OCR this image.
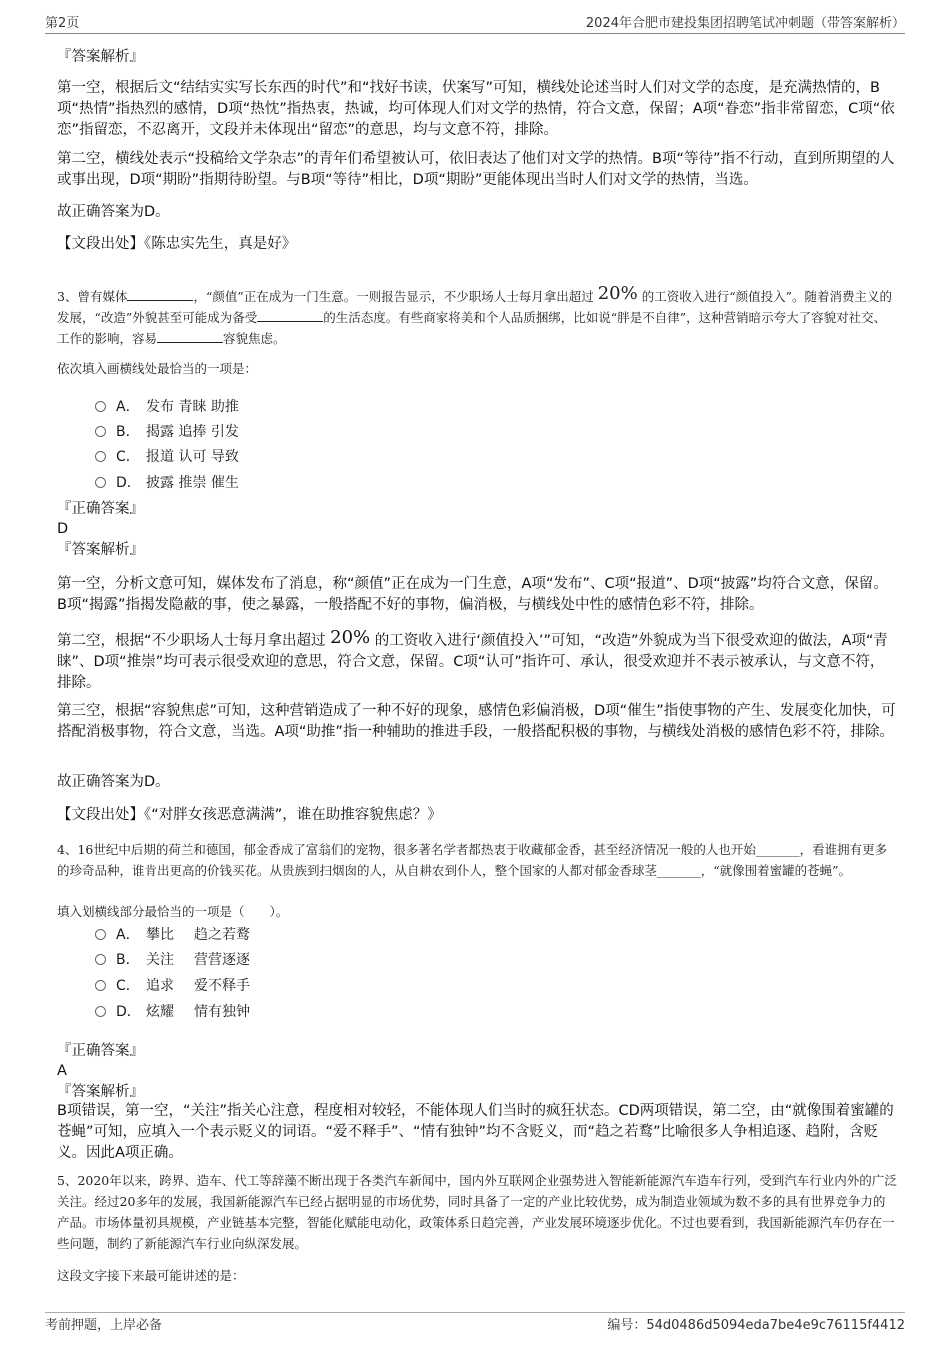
第2页	2024年合肥市建投集团招聘笔试冲刺题（带答案解析）
『答案解析』
第一空，根据后文“结结实实写长东西的时代”和“找好书读，伏案写”可知，横线处论述当时人们对文学的态度，是充满热情的，B项“热情”指热烈的感情，D项“热忱”指热衷，热诚，均可体现人们对文学的热情，符合文意，保留；A项“眷恋”指非常留恋，C项“依恋”指留恋，不忍离开，文段并未体现出“留恋”的意思，均与文意不符，排除。
第二空，横线处表示“投稿给文学杂志”的青年们希望被认可，依旧表达了他们对文学的热情。B项“等待”指不行动，直到所期望的人或事出现，D项“期盼”指期待盼望。与B项“等待”相比，D项“期盼”更能体现出当时人们对文学的热情，当选。
故正确答案为D。
【文段出处】《陈忠实先生，真是好》
3、曾有媒体	，“颜值”正在成为一门生意。一则报告显示，不少职场人士每月拿出超过 20% 的工资收入进行“颜值投入”。随着消费主义的发展，“改造”外貌甚至可能成为备受	的生活态度。有些商家将美和个人品质捆绑，比如说“胖是不自律”，这种营销暗示夸大了容貌对社交、工作的影响，容易	容貌焦虑。
依次填入画横线处最恰当的一项是：
A． 发布 青睐 助推
B． 揭露 追捧 引发
C． 报道 认可 导致
D． 披露 推崇 催生
『正确答案』
D
『答案解析』
第一空，分析文意可知，媒体发布了消息，称“颜值”正在成为一门生意，A项“发布”、C项“报道”、D项“披露”均符合文意，保留。B项“揭露”指揭发隐蔽的事，使之暴露，一般搭配不好的事物，偏消极，与横线处中性的感情色彩不符，排除。
第二空，根据“不少职场人士每月拿出超过 20% 的工资收入进行‘颜值投入’”可知，“改造”外貌成为当下很受欢迎的做法，A项“青睐”、D项“推崇”均可表示很受欢迎的意思，符合文意，保留。C项“认可”指许可、承认，很受欢迎并不表示被承认，与文意不符，排除。
第三空，根据“容貌焦虑”可知，这种营销造成了一种不好的现象，感情色彩偏消极，D项“催生”指使事物的产生、发展变化加快，可搭配消极事物，符合文意，当选。A项“助推”指一种辅助的推进手段，一般搭配积极的事物，与横线处消极的感情色彩不符，排除。
故正确答案为D。
【文段出处】《“对胖女孩恶意满满”，谁在助推容貌焦虑？》
4、16世纪中后期的荷兰和德国，郁金香成了富翁们的宠物，很多著名学者都热衷于收藏郁金香，甚至经济情况一般的人也开始_______，看谁拥有更多的珍奇品种，谁肯出更高的价钱买花。从贵族到扫烟囱的人，从自耕农到仆人，整个国家的人都对郁金香球茎_______，“就像围着蜜罐的苍蝇”。
填入划横线部分最恰当的一项是（　　）。
A． 攀比	趋之若鹜
B． 关注	营营逐逐
C． 追求	爱不释手
D． 炫耀	情有独钟
『正确答案』
A
『答案解析』
B项错误，第一空，“关注”指关心注意，程度相对较轻，不能体现人们当时的疯狂状态。CD两项错误，第二空，由“就像围着蜜罐的苍蝇”可知，应填入一个表示贬义的词语。“爱不释手”、“情有独钟”均不含贬义，而“趋之若鹜”比喻很多人争相追逐、趋附，含贬义。因此A项正确。
5、2020年以来，跨界、造车、代工等辞藻不断出现于各类汽车新闻中，国内外互联网企业强势进入智能新能源汽车造车行列，受到汽车行业内外的广泛关注。经过20多年的发展，我国新能源汽车已经占据明显的市场优势，同时具备了一定的产业比较优势，成为制造业领域为数不多的具有世界竞争力的产品。市场体量初具规模，产业链基本完整，智能化赋能电动化，政策体系日趋完善，产业发展环境逐步优化。不过也要看到，我国新能源汽车仍存在一些问题，制约了新能源汽车行业向纵深发展。
这段文字接下来最可能讲述的是：
考前押题，上岸必备	编号：54d0486d5094eda7be4e9c76115f4412
